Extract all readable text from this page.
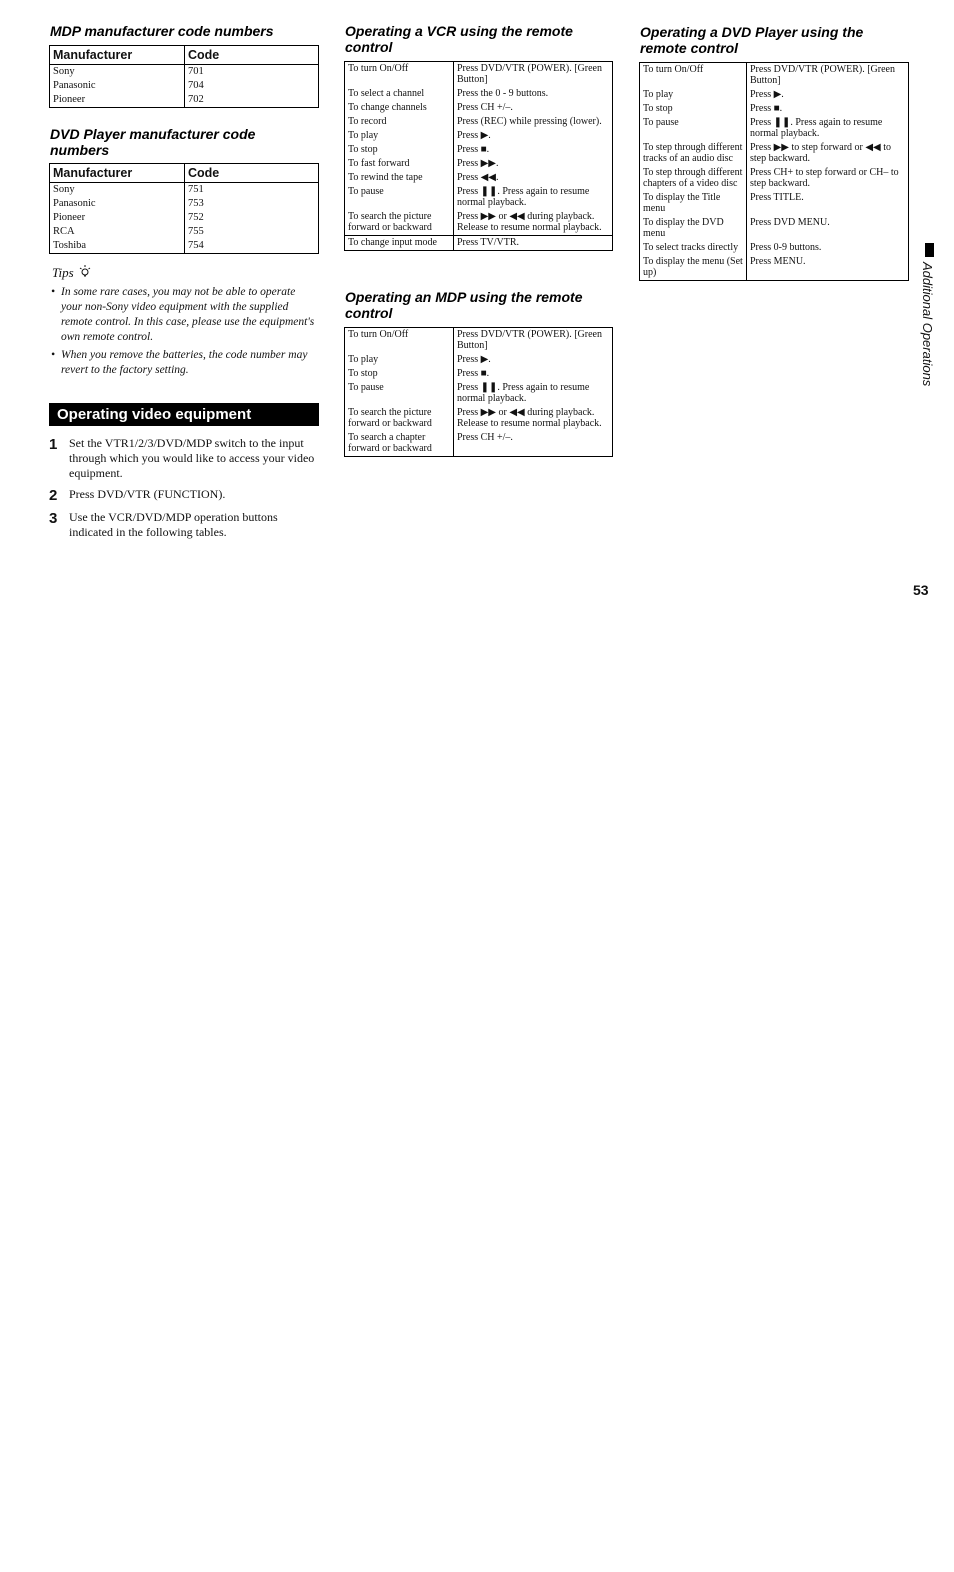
MDP manufacturer code numbers
Manufacturer	Code
Sony	701
Panasonic	704
Pioneer	702
DVD Player manufacturer code numbers
Manufacturer	Code
Sony	751
Panasonic	753
Pioneer	752
RCA	755
Toshiba	754
Tips
• In some rare cases, you may not be able to operate your non-Sony video equipment with the supplied remote control. In this case, please use the equipment's own remote control.
• When you remove the batteries, the code number may revert to the factory setting.
Operating video equipment
1 Set the VTR1/2/3/DVD/MDP switch to the input through which you would like to access your video equipment.
2 Press DVD/VTR (FUNCTION).
3 Use the VCR/DVD/MDP operation buttons indicated in the following tables.
Operating a VCR using the remote control
To turn On/Off	Press DVD/VTR (POWER). [Green Button]
To select a channel	Press the 0 - 9 buttons.
To change channels	Press CH +/–.
To record	Press (REC) while pressing (lower).
To play	Press ▶.
To stop	Press ■.
To fast forward	Press ▶▶.
To rewind the tape	Press ◀◀.
To pause	Press ❚❚. Press again to resume normal playback.
To search the picture forward or backward	Press ▶▶ or ◀◀ during playback. Release to resume normal playback.
To change input mode	Press TV/VTR.
Operating an MDP using the remote control
To turn On/Off	Press DVD/VTR (POWER). [Green Button]
To play	Press ▶.
To stop	Press ■.
To pause	Press ❚❚. Press again to resume normal playback.
To search the picture forward or backward	Press ▶▶ or ◀◀ during playback. Release to resume normal playback.
To search a chapter forward or backward	Press CH +/–.
Operating a DVD Player using the remote control
To turn On/Off	Press DVD/VTR (POWER). [Green Button]
To play	Press ▶.
To stop	Press ■.
To pause	Press ❚❚. Press again to resume normal playback.
To step through different tracks of an audio disc	Press ▶▶ to step forward or ◀◀ to step backward.
To step through different chapters of a video disc	Press CH+ to step forward or CH– to step backward.
To display the Title menu	Press TITLE.
To display the DVD menu	Press DVD MENU.
To select tracks directly	Press 0-9 buttons.
To display the menu (Set up)	Press MENU.
Additional Operations
53
